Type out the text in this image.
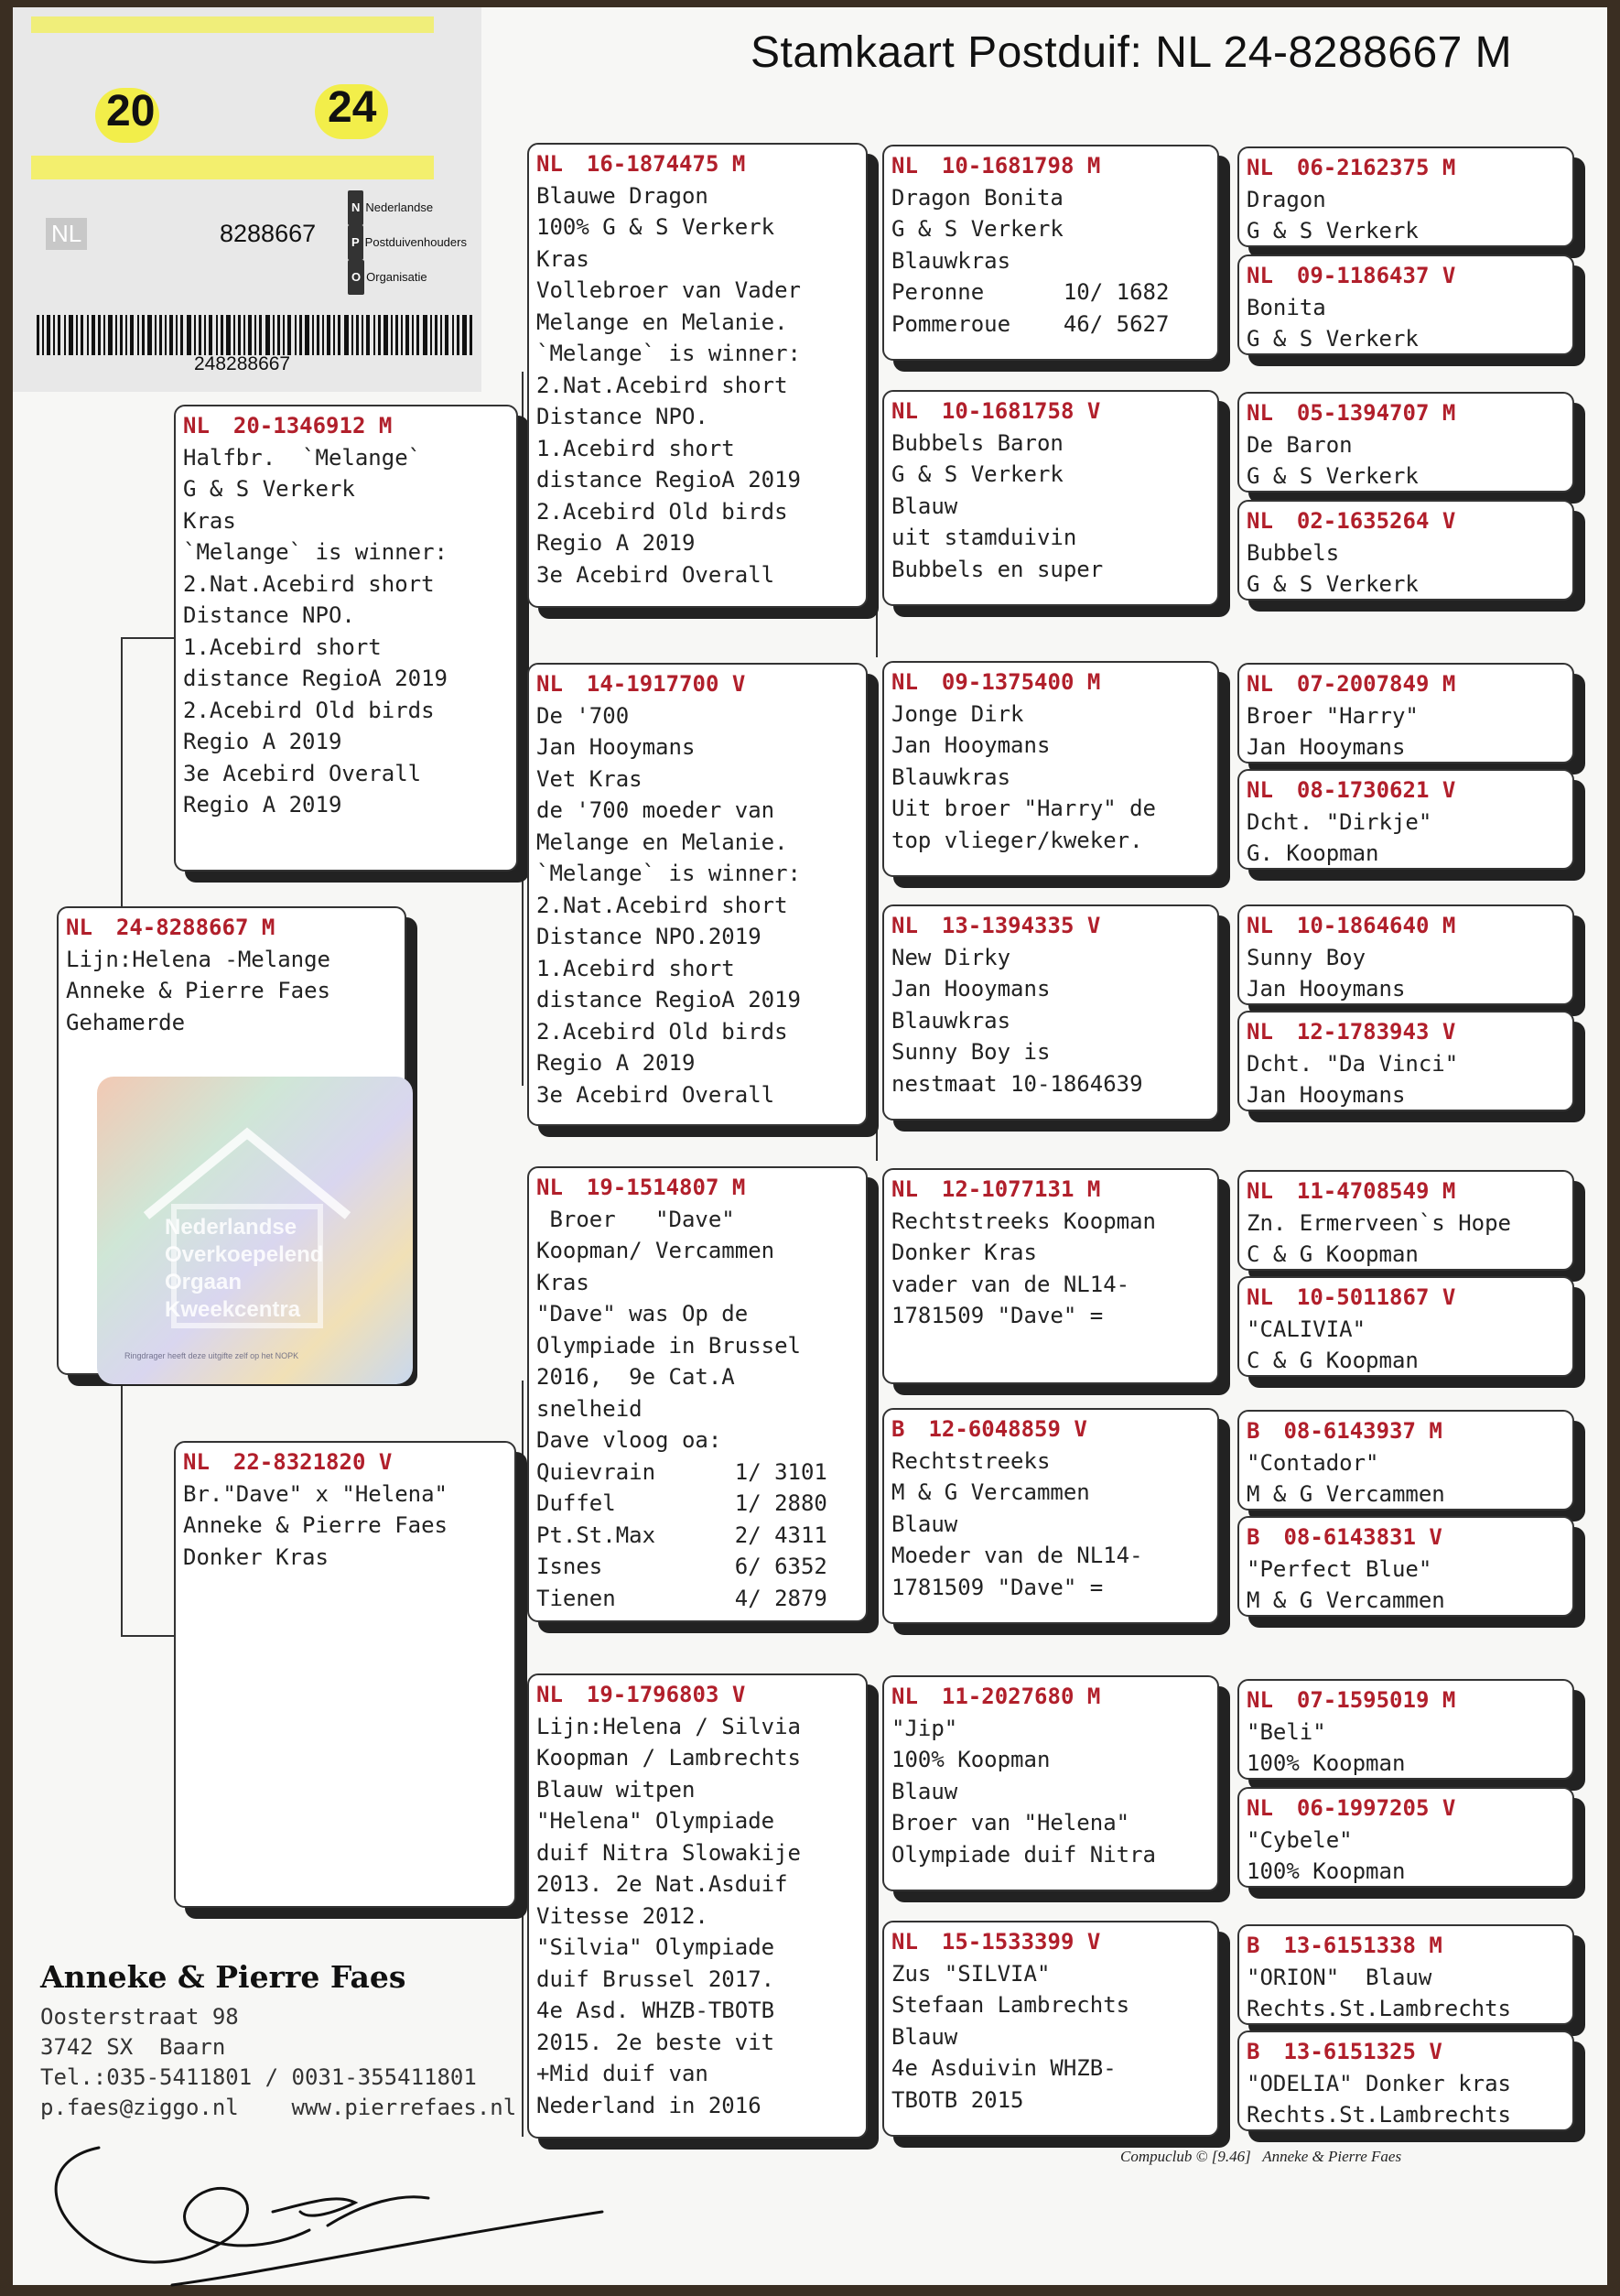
Stamkaart Postduif: NL 24-8288667 M
20	24
NL	8288667
N Nederlandse
P Postduivenhouders
O Organisatie
248288667
NL 24-8288667 M
Lijn:Helena -Melange
Anneke & Pierre Faes
Gehamerde
Nederlandse
Overkoepelend
Orgaan
Kweekcentra
Ringdrager heeft deze uitgifte zelf op het NOPK
NL 20-1346912 M
Halfbr.  `Melange`
G & S Verkerk
Kras
`Melange` is winner:
2.Nat.Acebird short
Distance NPO.
1.Acebird short
distance RegioA 2019
2.Acebird Old birds
Regio A 2019
3e Acebird Overall
Regio A 2019
NL 22-8321820 V
Br."Dave" x "Helena"
Anneke & Pierre Faes
Donker Kras
NL 16-1874475 M
Blauwe Dragon
100% G & S Verkerk
Kras
Vollebroer van Vader
Melange en Melanie.
`Melange` is winner:
2.Nat.Acebird short
Distance NPO.
1.Acebird short
distance RegioA 2019
2.Acebird Old birds
Regio A 2019
3e Acebird Overall
NL 14-1917700 V
De '700
Jan Hooymans
Vet Kras
de '700 moeder van
Melange en Melanie.
`Melange` is winner:
2.Nat.Acebird short
Distance NPO.2019
1.Acebird short
distance RegioA 2019
2.Acebird Old birds
Regio A 2019
3e Acebird Overall
NL 19-1514807 M
Broer   "Dave"
Koopman/ Vercammen
Kras
"Dave" was Op de
Olympiade in Brussel
2016,  9e Cat.A
snelheid
Dave vloog oa:
Quievrain      1/ 3101
Duffel         1/ 2880
Pt.St.Max      2/ 4311
Isnes          6/ 6352
Tienen         4/ 2879
NL 19-1796803 V
Lijn:Helena / Silvia
Koopman / Lambrechts
Blauw witpen
"Helena" Olympiade
duif Nitra Slowakije
2013. 2e Nat.Asduif
Vitesse 2012.
"Silvia" Olympiade
duif Brussel 2017.
4e Asd. WHZB-TBOTB
2015. 2e beste vit
+Mid duif van
Nederland in 2016
NL 10-1681798 M
Dragon Bonita
G & S Verkerk
Blauwkras
Peronne      10/ 1682
Pommeroue    46/ 5627
NL 10-1681758 V
Bubbels Baron
G & S Verkerk
Blauw
uit stamduivin
Bubbels en super
NL 09-1375400 M
Jonge Dirk
Jan Hooymans
Blauwkras
Uit broer "Harry" de
top vlieger/kweker.
NL 13-1394335 V
New Dirky
Jan Hooymans
Blauwkras
Sunny Boy is
nestmaat 10-1864639
NL 12-1077131 M
Rechtstreeks Koopman
Donker Kras
vader van de NL14-
1781509 "Dave" =
B 12-6048859 V
Rechtstreeks
M & G Vercammen
Blauw
Moeder van de NL14-
1781509 "Dave" =
NL 11-2027680 M
"Jip"
100% Koopman
Blauw
Broer van "Helena"
Olympiade duif Nitra
NL 15-1533399 V
Zus "SILVIA"
Stefaan Lambrechts
Blauw
4e Asduivin WHZB-
TBOTB 2015
NL 06-2162375 M
Dragon
G & S Verkerk
NL 09-1186437 V
Bonita
G & S Verkerk
NL 05-1394707 M
De Baron
G & S Verkerk
NL 02-1635264 V
Bubbels
G & S Verkerk
NL 07-2007849 M
Broer "Harry"
Jan Hooymans
NL 08-1730621 V
Dcht. "Dirkje"
G. Koopman
NL 10-1864640 M
Sunny Boy
Jan Hooymans
NL 12-1783943 V
Dcht. "Da Vinci"
Jan Hooymans
NL 11-4708549 M
Zn. Ermerveen`s Hope
C & G Koopman
NL 10-5011867 V
"CALIVIA"
C & G Koopman
B 08-6143937 M
"Contador"
M & G Vercammen
B 08-6143831 V
"Perfect Blue"
M & G Vercammen
NL 07-1595019 M
"Beli"
100% Koopman
NL 06-1997205 V
"Cybele"
100% Koopman
B 13-6151338 M
"ORION"  Blauw
Rechts.St.Lambrechts
B 13-6151325 V
"ODELIA" Donker kras
Rechts.St.Lambrechts
Anneke & Pierre Faes
Oosterstraat 98
3742 SX  Baarn
Tel.:035-5411801 / 0031-355411801
p.faes@ziggo.nl www.pierrefaes.nl
Compuclub © [9.46]   Anneke & Pierre Faes
